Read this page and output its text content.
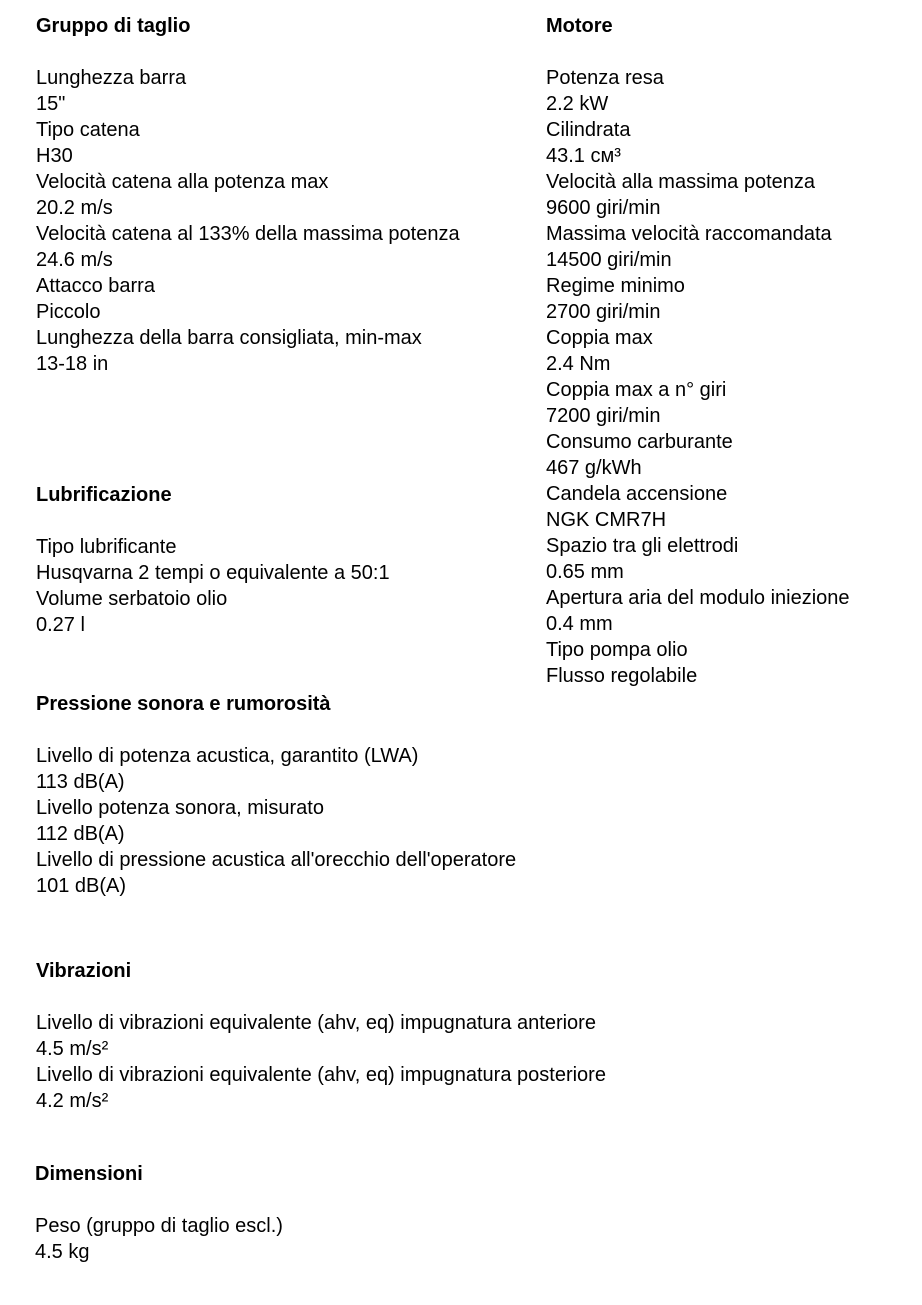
Gruppo di taglio
Lunghezza barra
15"
Tipo catena
H30
Velocità catena alla potenza max
20.2 m/s
Velocità catena al 133% della massima potenza
24.6 m/s
Attacco barra
Piccolo
Lunghezza della barra consigliata, min-max
13-18 in
Motore
Potenza resa
2.2 kW
Cilindrata
43.1 см³
Velocità alla massima potenza
9600 giri/min
Massima velocità raccomandata
14500 giri/min
Regime minimo
2700 giri/min
Coppia max
2.4 Nm
Coppia max a n° giri
7200 giri/min
Consumo carburante
467 g/kWh
Candela accensione
NGK CMR7H
Spazio tra gli elettrodi
0.65 mm
Apertura aria del modulo iniezione
0.4 mm
Tipo pompa olio
Flusso regolabile
Lubrificazione
Tipo lubrificante
Husqvarna 2 tempi o equivalente a 50:1
Volume serbatoio olio
0.27 l
Pressione sonora e rumorosità
Livello di potenza acustica, garantito (LWA)
113 dB(A)
Livello potenza sonora, misurato
112 dB(A)
Livello di pressione acustica all'orecchio dell'operatore
101 dB(A)
Vibrazioni
Livello di vibrazioni equivalente (ahv, eq) impugnatura anteriore
4.5 m/s²
Livello di vibrazioni equivalente (ahv, eq) impugnatura posteriore
4.2 m/s²
Dimensioni
Peso (gruppo di taglio escl.)
4.5 kg
